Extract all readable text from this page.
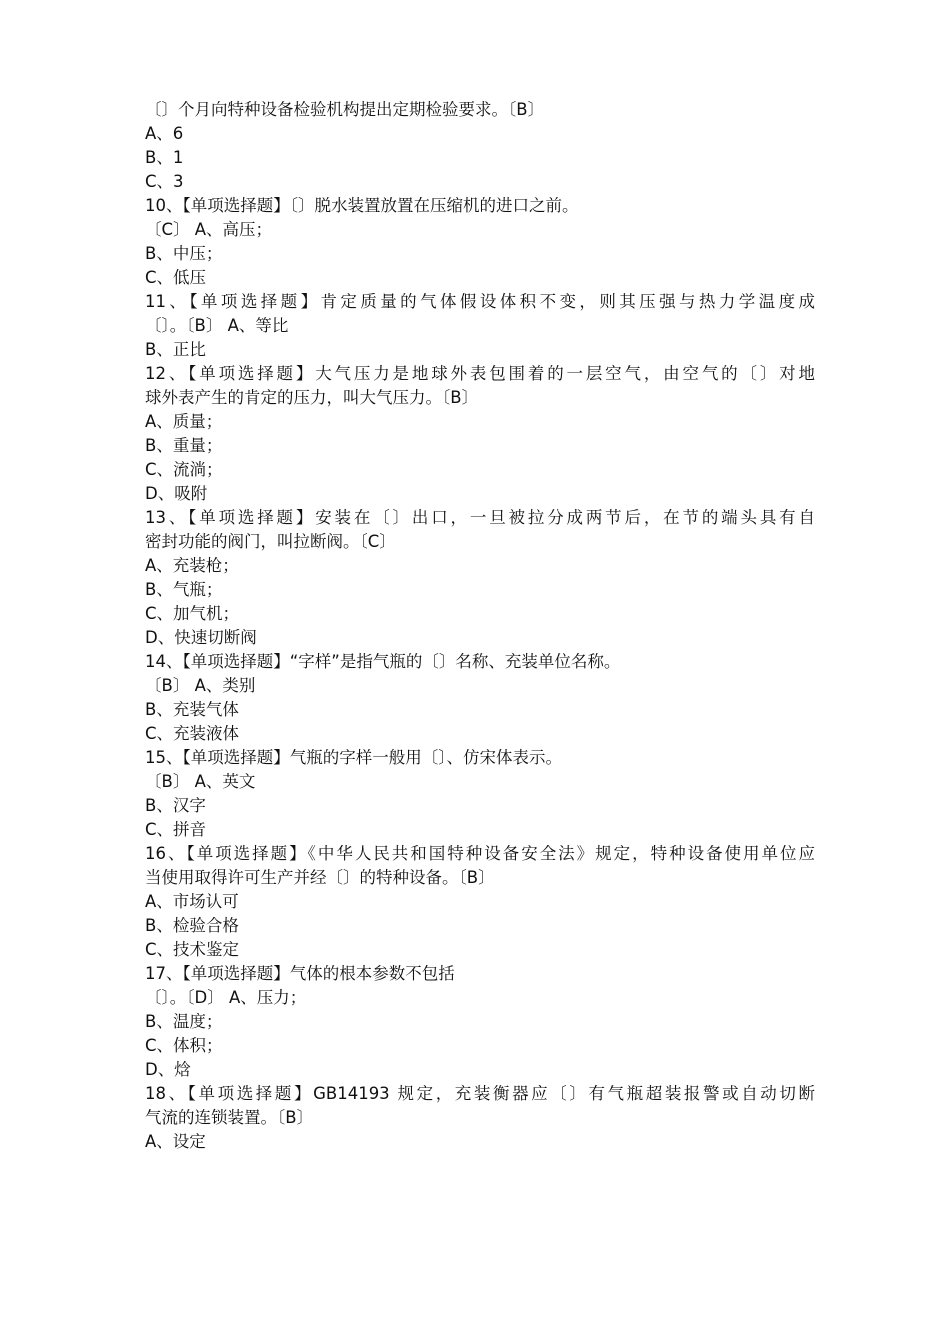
〔〕个月向特种设备检验机构提出定期检验要求。〔B〕
A、6
B、1
C、3
10、【单项选择题】〔〕脱水装置放置在压缩机的进口之前。
〔C〕 A、高压；
B、中压；
C、低压
11、【单项选择题】肯定质量的气体假设体积不变，则其压强与热力学温度成
〔〕。〔B〕 A、等比
B、正比
12、【单项选择题】大气压力是地球外表包围着的一层空气，由空气的〔〕对地
球外表产生的肯定的压力，叫大气压力。〔B〕
A、质量；
B、重量；
C、流淌；
D、吸附
13、【单项选择题】安装在〔〕出口，一旦被拉分成两节后，在节的端头具有自
密封功能的阀门，叫拉断阀。〔C〕
A、充装枪；
B、气瓶；
C、加气机；
D、快速切断阀
14、【单项选择题】“字样”是指气瓶的〔〕名称、充装单位名称。
〔B〕 A、类别
B、充装气体
C、充装液体
15、【单项选择题】气瓶的字样一般用〔〕、仿宋体表示。
〔B〕 A、英文
B、汉字
C、拼音
16、【单项选择题】《中华人民共和国特种设备安全法》规定，特种设备使用单位应
当使用取得许可生产并经〔〕的特种设备。〔B〕
A、市场认可
B、检验合格
C、技术鉴定
17、【单项选择题】气体的根本参数不包括
〔〕。〔D〕 A、压力；
B、温度；
C、体积；
D、焓
18、【单项选择题】GB14193 规定，充装衡器应〔〕有气瓶超装报警或自动切断
气流的连锁装置。〔B〕
A、设定
